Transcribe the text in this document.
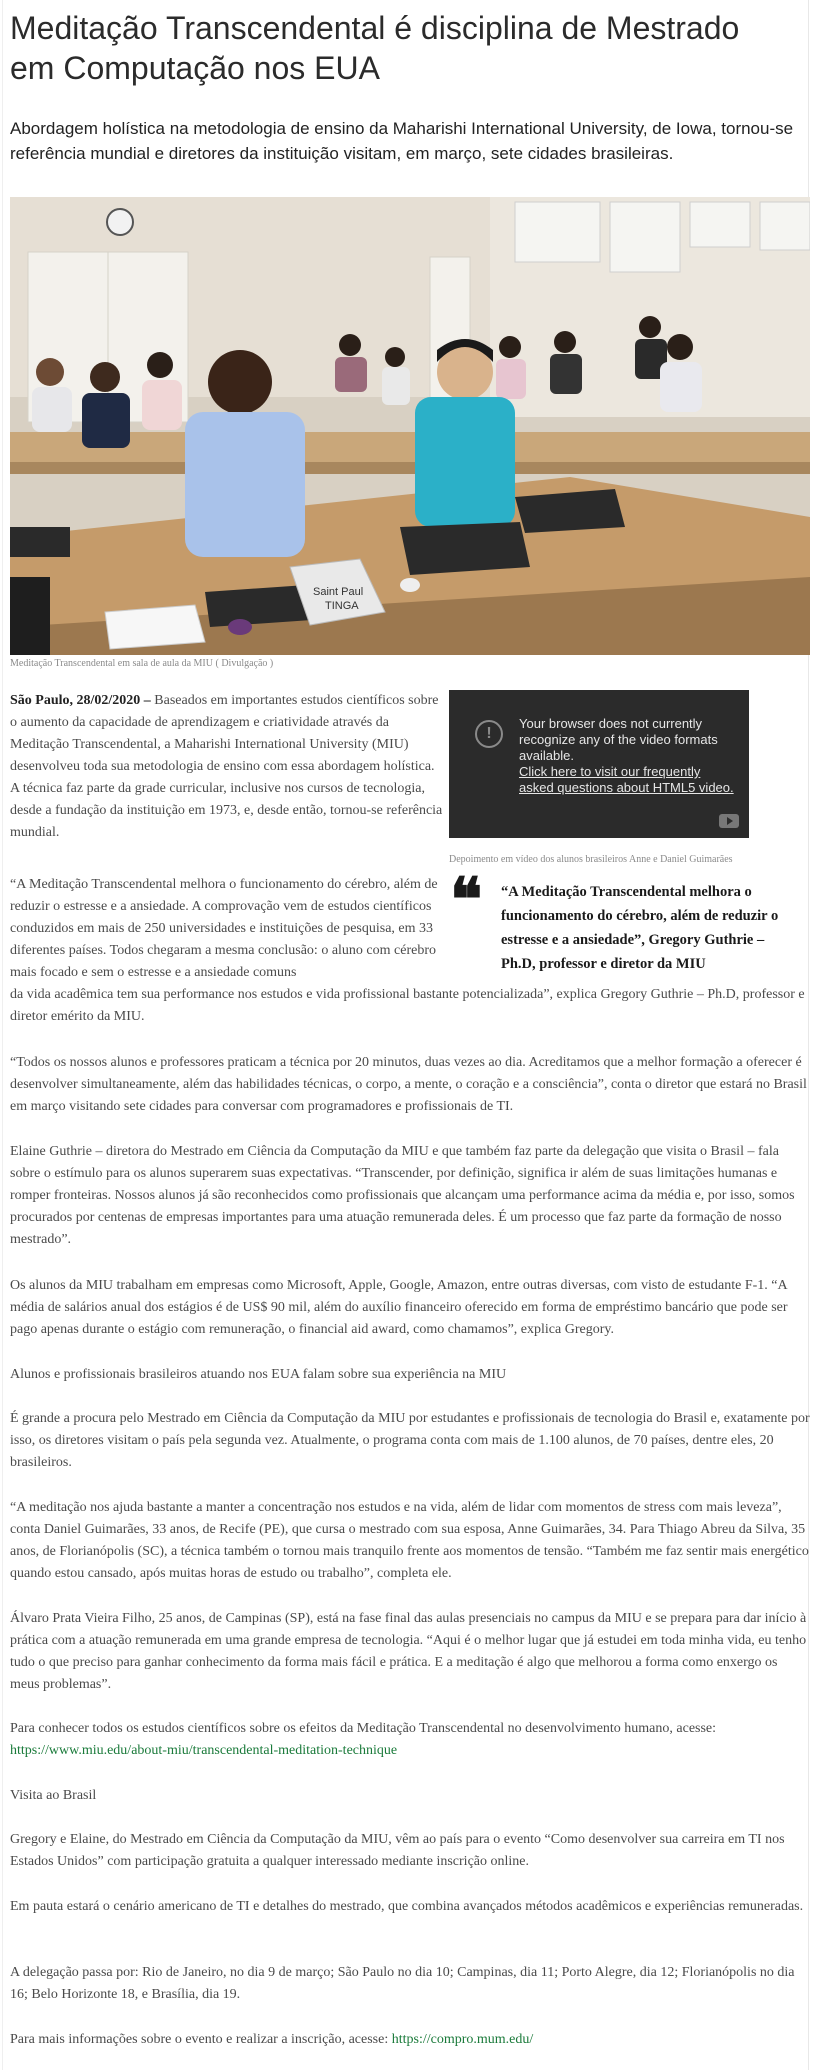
Meditação Transcendental é disciplina de Mestrado em Computação nos EUA

Abordagem holística na metodologia de ensino da Maharishi International University, de Iowa, tornou-se referência mundial e diretores da instituição visitam, em março, sete cidades brasileiras.

Saint Paul
TINGA
Meditação Transcendental em sala de aula da MIU ( Divulgação )
!
Your browser does not currently recognize any of the video formats available.
Click here to visit our frequently asked questions about HTML5 video.
Depoimento em vídeo dos alunos brasileiros Anne e Daniel Guimarães
❝ “A Meditação Transcendental melhora o funcionamento do cérebro, além de reduzir o estresse e a ansiedade”, Gregory Guthrie – Ph.D, professor e diretor da MIU

São Paulo, 28/02/2020 – Baseados em importantes estudos científicos sobre o aumento da capacidade de aprendizagem e criatividade através da Meditação Transcendental, a Maharishi International University (MIU) desenvolveu toda sua metodologia de ensino com essa abordagem holística. A técnica faz parte da grade curricular, inclusive nos cursos de tecnologia, desde a fundação da instituição em 1973, e, desde então, tornou-se referência mundial.

“A Meditação Transcendental melhora o funcionamento do cérebro, além de reduzir o estresse e a ansiedade. A comprovação vem de estudos científicos conduzidos em mais de 250 universidades e instituições de pesquisa, em 33 diferentes países. Todos chegaram a mesma conclusão: o aluno com cérebro mais focado e sem o estresse e a ansiedade comuns

da vida acadêmica tem sua performance nos estudos e vida profissional bastante potencializada”, explica Gregory Guthrie – Ph.D, professor e diretor emérito da MIU.

“Todos os nossos alunos e professores praticam a técnica por 20 minutos, duas vezes ao dia. Acreditamos que a melhor formação a oferecer é desenvolver simultaneamente, além das habilidades técnicas, o corpo, a mente, o coração e a consciência”, conta o diretor que estará no Brasil em março visitando sete cidades para conversar com programadores e profissionais de TI.

Elaine Guthrie – diretora do Mestrado em Ciência da Computação da MIU e que também faz parte da delegação que visita o Brasil – fala sobre o estímulo para os alunos superarem suas expectativas. “Transcender, por definição, significa ir além de suas limitações humanas e romper fronteiras. Nossos alunos já são reconhecidos como profissionais que alcançam uma performance acima da média e, por isso, somos procurados por centenas de empresas importantes para uma atuação remunerada deles. É um processo que faz parte da formação de nosso mestrado”.

Os alunos da MIU trabalham em empresas como Microsoft, Apple, Google, Amazon, entre outras diversas, com visto de estudante F-1. “A média de salários anual dos estágios é de US$ 90 mil, além do auxílio financeiro oferecido em forma de empréstimo bancário que pode ser pago apenas durante o estágio com remuneração, o financial aid award, como chamamos”, explica Gregory.

Alunos e profissionais brasileiros atuando nos EUA falam sobre sua experiência na MIU

É grande a procura pelo Mestrado em Ciência da Computação da MIU por estudantes e profissionais de tecnologia do Brasil e, exatamente por isso, os diretores visitam o país pela segunda vez. Atualmente, o programa conta com mais de 1.100 alunos, de 70 países, dentre eles, 20 brasileiros.

“A meditação nos ajuda bastante a manter a concentração nos estudos e na vida, além de lidar com momentos de stress com mais leveza”, conta Daniel Guimarães, 33 anos, de Recife (PE), que cursa o mestrado com sua esposa, Anne Guimarães, 34. Para Thiago Abreu da Silva, 35 anos, de Florianópolis (SC), a técnica também o tornou mais tranquilo frente aos momentos de tensão. “Também me faz sentir mais energético quando estou cansado, após muitas horas de estudo ou trabalho”, completa ele.

Álvaro Prata Vieira Filho, 25 anos, de Campinas (SP), está na fase final das aulas presenciais no campus da MIU e se prepara para dar início à prática com a atuação remunerada em uma grande empresa de tecnologia. “Aqui é o melhor lugar que já estudei em toda minha vida, eu tenho tudo o que preciso para ganhar conhecimento da forma mais fácil e prática. E a meditação é algo que melhorou a forma como enxergo os meus problemas”.

Para conhecer todos os estudos científicos sobre os efeitos da Meditação Transcendental no desenvolvimento humano, acesse:
https://www.miu.edu/about-miu/transcendental-meditation-technique

Visita ao Brasil

Gregory e Elaine, do Mestrado em Ciência da Computação da MIU, vêm ao país para o evento “Como desenvolver sua carreira em TI nos Estados Unidos” com participação gratuita a qualquer interessado mediante inscrição online.

Em pauta estará o cenário americano de TI e detalhes do mestrado, que combina avançados métodos acadêmicos e experiências remuneradas.

A delegação passa por: Rio de Janeiro, no dia 9 de março; São Paulo no dia 10; Campinas, dia 11; Porto Alegre, dia 12; Florianópolis no dia 16; Belo Horizonte 18, e Brasília, dia 19.

Para mais informações sobre o evento e realizar a inscrição, acesse: https://compro.mum.edu/
